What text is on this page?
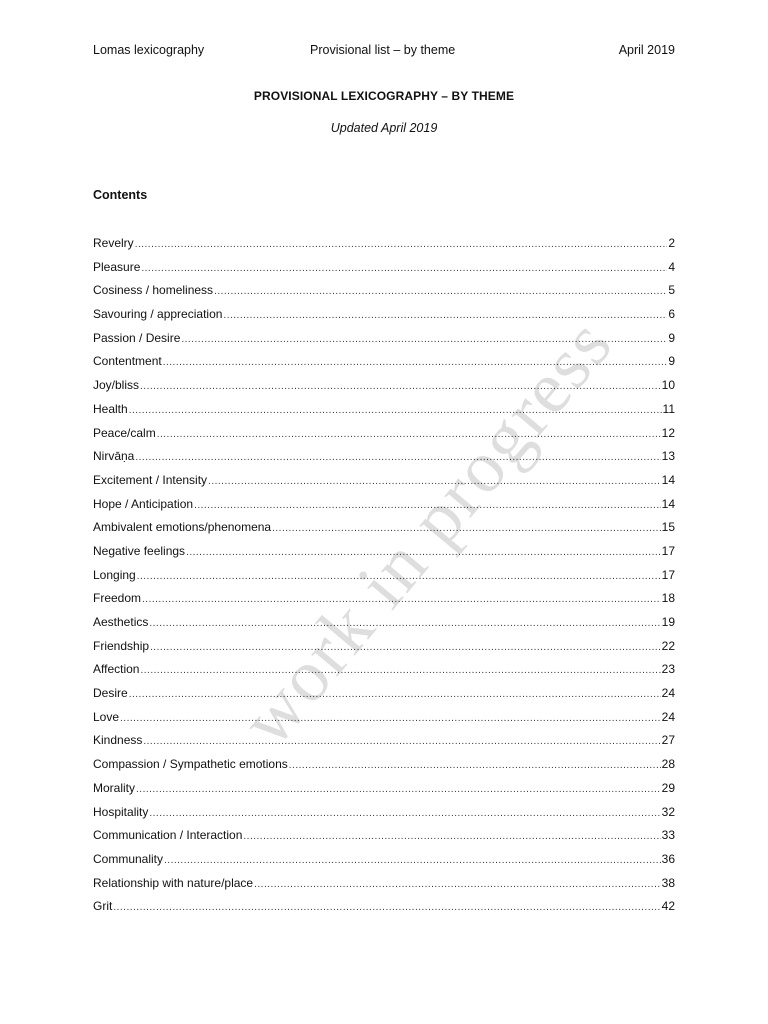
Lomas lexicography	Provisional list – by theme	April 2019
PROVISIONAL LEXICOGRAPHY – BY THEME
Updated April 2019
Contents
Revelry .....	2
Pleasure .....	4
Cosiness / homeliness .....	5
Savouring / appreciation .....	6
Passion / Desire .....	9
Contentment .....	9
Joy/bliss .....	10
Health .....	11
Peace/calm .....	12
Nirvāṇa .....	13
Excitement / Intensity .....	14
Hope / Anticipation .....	14
Ambivalent emotions/phenomena .....	15
Negative feelings .....	17
Longing .....	17
Freedom .....	18
Aesthetics .....	19
Friendship .....	22
Affection .....	23
Desire .....	24
Love .....	24
Kindness .....	27
Compassion / Sympathetic emotions .....	28
Morality .....	29
Hospitality .....	32
Communication / Interaction .....	33
Communality .....	36
Relationship with nature/place .....	38
Grit .....	42
work in progress
